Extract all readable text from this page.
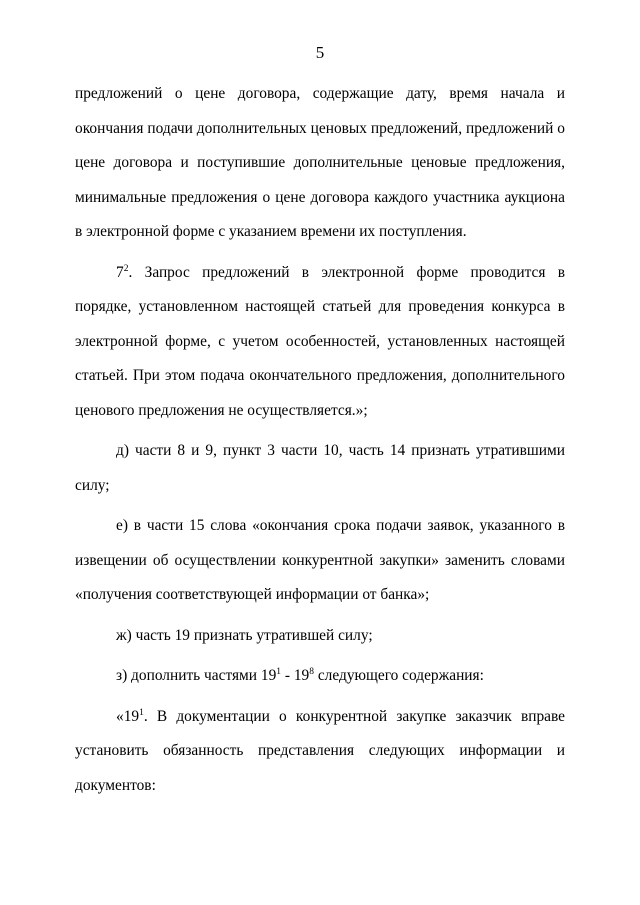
5

предложений о цене договора, содержащие дату, время начала и окончания подачи дополнительных ценовых предложений, предложений о цене договора и поступившие дополнительные ценовые предложения, минимальные предложения о цене договора каждого участника аукциона в электронной форме с указанием времени их поступления.

$7^2$. Запрос предложений в электронной форме проводится в порядке, установленном настоящей статьей для проведения конкурса в электронной форме, с учетом особенностей, установленных настоящей статьей. При этом подача окончательного предложения, дополнительного ценового предложения не осуществляется.»;

д) части 8 и 9, пункт 3 части 10, часть 14 признать утратившими силу;

е) в части 15 слова «окончания срока подачи заявок, указанного в извещении об осуществлении конкурентной закупки» заменить словами «получения соответствующей информации от банка»;

ж) часть 19 признать утратившей силу;

з) дополнить частями $19^1 - 19^8$ следующего содержания:

«$19^1$. В документации о конкурентной закупке заказчик вправе установить обязанность представления следующих информации и документов:
